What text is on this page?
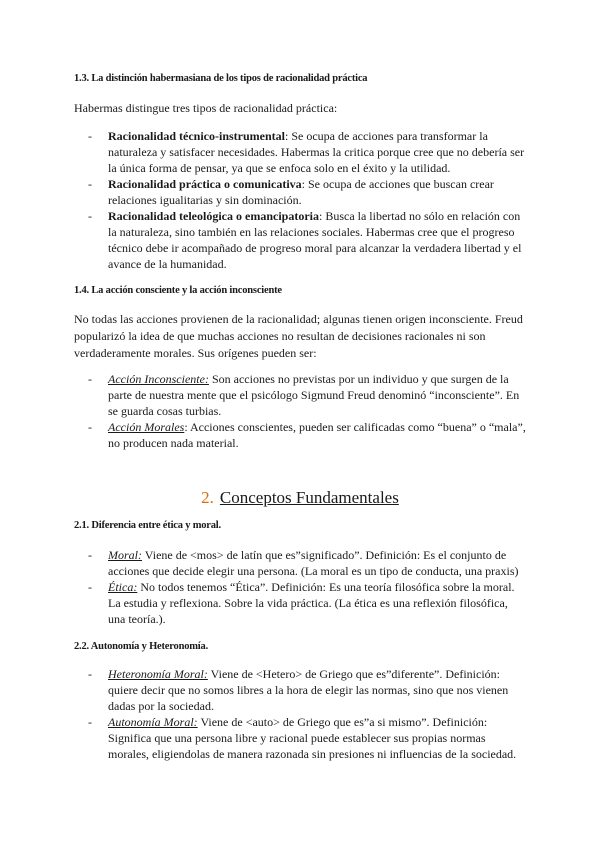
1.3. La distinción habermasiana de los tipos de racionalidad práctica
Habermas distingue tres tipos de racionalidad práctica:
- Racionalidad técnico-instrumental: Se ocupa de acciones para transformar la naturaleza y satisfacer necesidades. Habermas la critica porque cree que no debería ser la única forma de pensar, ya que se enfoca solo en el éxito y la utilidad.
- Racionalidad práctica o comunicativa: Se ocupa de acciones que buscan crear relaciones igualitarias y sin dominación.
- Racionalidad teleológica o emancipatoria: Busca la libertad no sólo en relación con la naturaleza, sino también en las relaciones sociales. Habermas cree que el progreso técnico debe ir acompañado de progreso moral para alcanzar la verdadera libertad y el avance de la humanidad.
1.4. La acción consciente y la acción inconsciente
No todas las acciones provienen de la racionalidad; algunas tienen origen inconsciente. Freud popularizó la idea de que muchas acciones no resultan de decisiones racionales ni son verdaderamente morales. Sus orígenes pueden ser:
- Acción Inconsciente: Son acciones no previstas por un individuo y que surgen de la parte de nuestra mente que el psicólogo Sigmund Freud denominó “inconsciente”. En se guarda cosas turbias.
- Acción Morales: Acciones conscientes, pueden ser calificadas como “buena” o “mala”, no producen nada material.
2. Conceptos Fundamentales
2.1. Diferencia entre ética y moral.
- Moral: Viene de <mos> de latín que es”significado”. Definición: Es el conjunto de acciones que decide elegir una persona. (La moral es un tipo de conducta, una praxis)
- Ética: No todos tenemos “Ética”. Definición: Es una teoría filosófica sobre la moral. La estudia y reflexiona. Sobre la vida práctica. (La ética es una reflexión filosófica, una teoría.).
2.2. Autonomía y Heteronomía.
- Heteronomía Moral: Viene de <Hetero> de Griego que es”diferente”. Definición: quiere decir que no somos libres a la hora de elegir las normas, sino que nos vienen dadas por la sociedad.
- Autonomía Moral: Viene de <auto> de Griego que es”a si mismo”. Definición: Significa que una persona libre y racional puede establecer sus propias normas morales, eligiendolas de manera razonada sin presiones ni influencias de la sociedad.
